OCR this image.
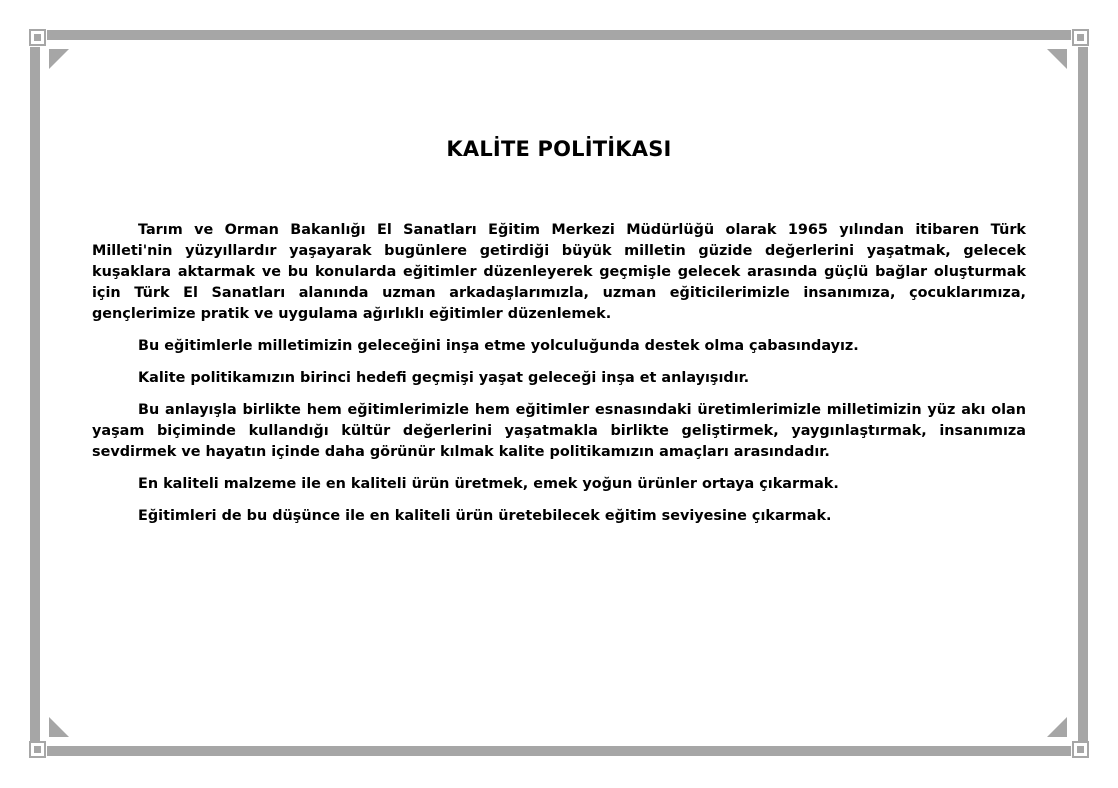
KALİTE POLİTİKASI

Tarım ve Orman Bakanlığı El Sanatları Eğitim Merkezi Müdürlüğü olarak 1965 yılından itibaren Türk Milleti'nin yüzyıllardır yaşayarak bugünlere getirdiği büyük milletin güzide değerlerini yaşatmak, gelecek kuşaklara aktarmak ve bu konularda eğitimler düzenleyerek geçmişle gelecek arasında güçlü bağlar oluşturmak için Türk El Sanatları alanında uzman arkadaşlarımızla, uzman eğiticilerimizle insanımıza, çocuklarımıza, gençlerimize pratik ve uygulama ağırlıklı eğitimler düzenlemek.

Bu eğitimlerle milletimizin geleceğini inşa etme yolculuğunda destek olma çabasındayız.

Kalite politikamızın birinci hedefi geçmişi yaşat geleceği inşa et anlayışıdır.

Bu anlayışla birlikte hem eğitimlerimizle hem eğitimler esnasındaki üretimlerimizle milletimizin yüz akı olan yaşam biçiminde kullandığı kültür değerlerini yaşatmakla birlikte geliştirmek, yaygınlaştırmak, insanımıza sevdirmek ve hayatın içinde daha görünür kılmak kalite politikamızın amaçları arasındadır.

En kaliteli malzeme ile en kaliteli ürün üretmek, emek yoğun ürünler ortaya çıkarmak.

Eğitimleri de bu düşünce ile en kaliteli ürün üretebilecek eğitim seviyesine çıkarmak.
